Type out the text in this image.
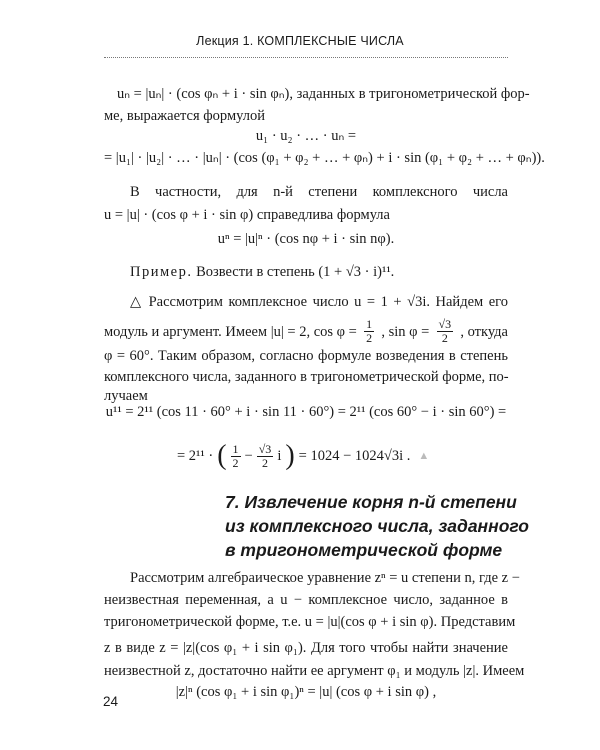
Лекция 1. КОМПЛЕКСНЫЕ ЧИСЛА
uₙ = |uₙ| · (cos φₙ + i · sin φₙ), заданных в тригонометрической фор-
ме, выражается формулой
u₁ · u₂ · … · uₙ =
= |u₁| · |u₂| · … · |uₙ| · (cos (φ₁ + φ₂ + … + φₙ) + i · sin (φ₁ + φ₂ + … + φₙ)).
В частности, для n-й степени комплексного числа
u = |u| · (cos φ + i · sin φ) справедлива формула
uⁿ = |u|ⁿ · (cos nφ + i · sin nφ).
Пример. Возвести в степень (1 + √3 · i)¹¹.
△ Рассмотрим комплексное число u = 1 + √3i. Найдем его
модуль и аргумент. Имеем |u| = 2, $\cos \varphi = \frac{1}{2}$ , $\sin \varphi = \frac{√3}{2}$ , откуда
φ = 60°. Таким образом, согласно формуле возведения в степень
комплексного числа, заданного в тригонометрической форме, по-
лучаем
u¹¹ = 2¹¹ (cos 11 · 60° + i · sin 11 · 60°) = 2¹¹ (cos 60° − i · sin 60°) =
= 2¹¹ · ( $\frac{1}{2} - \frac{√3}{2}$ i ) = 1024 − 1024√3i . ▲
7. Извлечение корня n-й степени
из комплексного числа, заданного
в тригонометрической форме
Рассмотрим алгебраическое уравнение zⁿ = u степени n, где z −
неизвестная переменная, а u − комплексное число, заданное в
тригонометрической форме, т.е. u = |u|(cos φ + i sin φ). Представим
z в виде z = |z|(cos φ₁ + i sin φ₁). Для того чтобы найти значение
неизвестной z, достаточно найти ее аргумент φ₁ и модуль |z|. Имеем
|z|ⁿ (cos φ₁ + i sin φ₁)ⁿ = |u| (cos φ + i sin φ) ,
24
